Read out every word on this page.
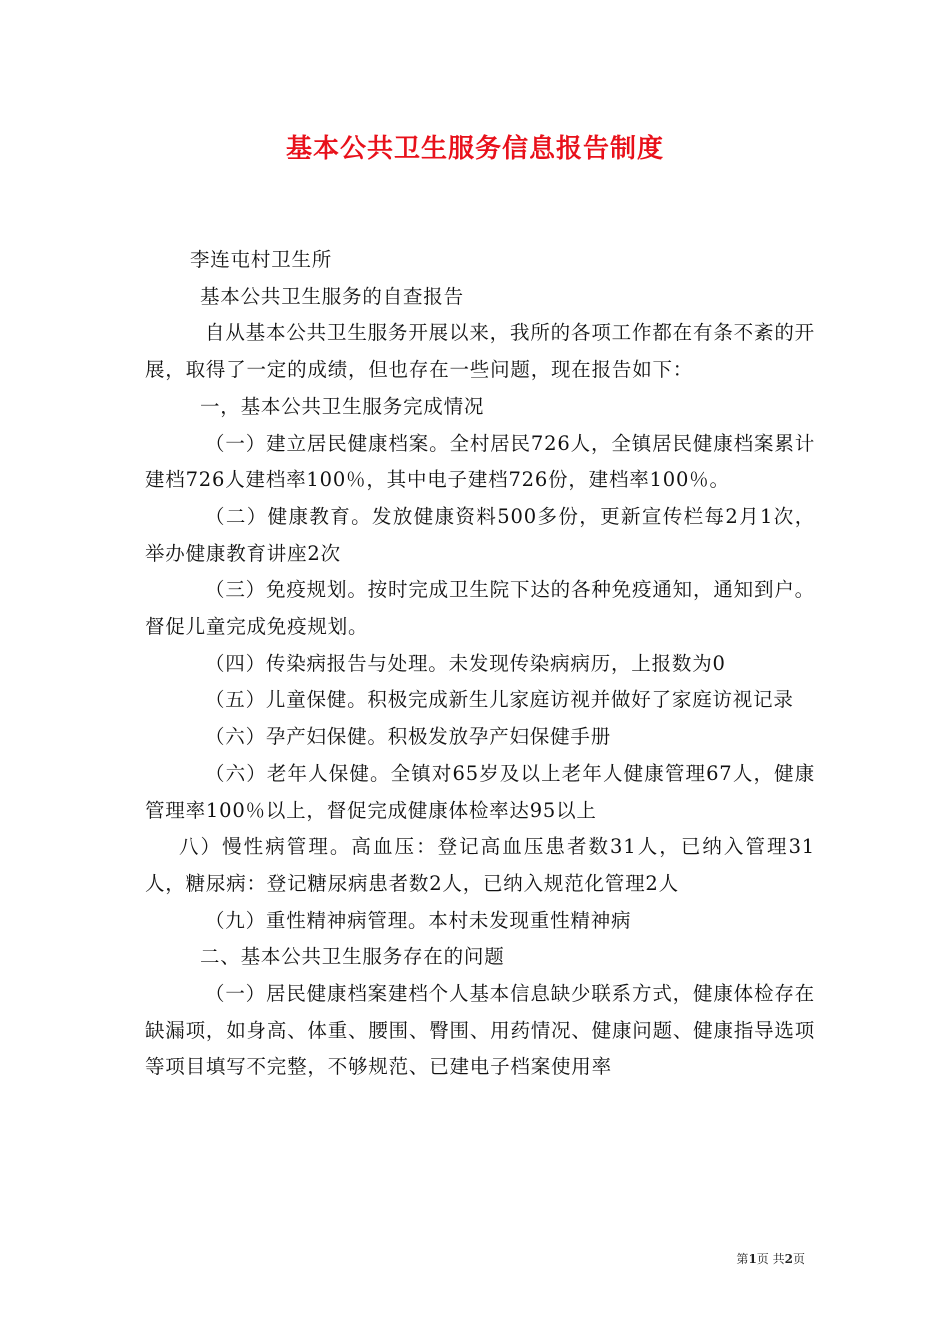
基本公共卫生服务信息报告制度

李连屯村卫生所

基本公共卫生服务的自查报告

自从基本公共卫生服务开展以来，我所的各项工作都在有条不紊的开展，取得了一定的成绩，但也存在一些问题，现在报告如下：

一，基本公共卫生服务完成情况

（一）建立居民健康档案。全村居民726人，全镇居民健康档案累计建档726人建档率100％，其中电子建档726份，建档率100％。

（二）健康教育。发放健康资料500多份，更新宣传栏每2月1次，举办健康教育讲座2次

（三）免疫规划。按时完成卫生院下达的各种免疫通知，通知到户。督促儿童完成免疫规划。

（四）传染病报告与处理。未发现传染病病历，上报数为0

（五）儿童保健。积极完成新生儿家庭访视并做好了家庭访视记录

（六）孕产妇保健。积极发放孕产妇保健手册

（六）老年人保健。全镇对65岁及以上老年人健康管理67人，健康管理率100％以上，督促完成健康体检率达95以上

八）慢性病管理。高血压：登记高血压患者数31人，已纳入管理31人，糖尿病：登记糖尿病患者数2人，已纳入规范化管理2人

（九）重性精神病管理。本村未发现重性精神病

二、基本公共卫生服务存在的问题

（一）居民健康档案建档个人基本信息缺少联系方式，健康体检存在缺漏项，如身高、体重、腰围、臀围、用药情况、健康问题、健康指导选项等项目填写不完整，不够规范、已建电子档案使用率

第1页 共2页
